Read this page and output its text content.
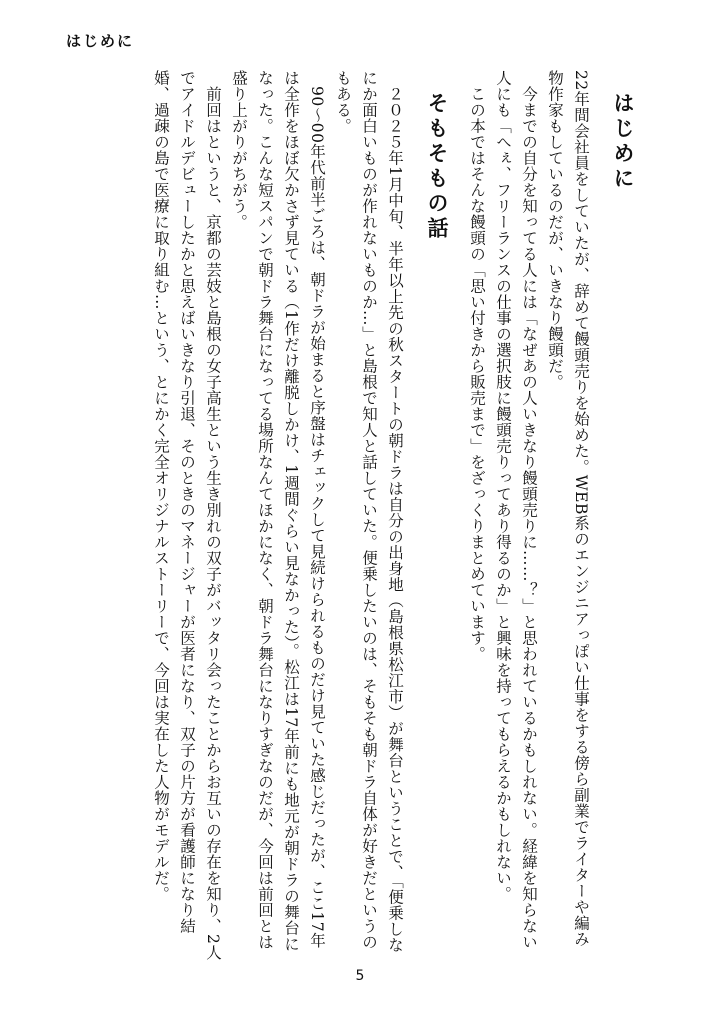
はじめに
はじめに

22年間会社員をしていたが、辞めて饅頭売りを始めた。WEB系のエンジニアっぽい仕事をする傍ら副業でライターや編み物作家もしているのだが、いきなり饅頭だ。

今までの自分を知ってる人には「なぜあの人いきなり饅頭売りに……？」と思われているかもしれない。経緯を知らない人にも「へぇ、フリーランスの仕事の選択肢に饅頭売りってあり得るのか」と興味を持ってもらえるかもしれない。

この本ではそんな饅頭の「思い付きから販売まで」をざっくりまとめています。

そもそもの話

２０２５年1月中旬、半年以上先の秋スタートの朝ドラは自分の出身地（島根県松江市）が舞台ということで、「便乗しなにか面白いものが作れないものか…」と島根で知人と話していた。便乗したいのは、そもそも朝ドラ自体が好きだというのもある。

90～00年代前半ごろは、朝ドラが始まると序盤はチェックして見続けられるものだけ見ていた感じだったが、ここ17年は全作をほぼ欠かさず見ている（1作だけ離脱しかけ、1週間ぐらい見なかった）。松江は17年前にも地元が朝ドラの舞台になった。こんな短スパンで朝ドラ舞台になってる場所なんてほかになく、朝ドラ舞台になりすぎなのだが、今回は前回とは盛り上がりがちがう。

前回はというと、京都の芸妓と島根の女子高生という生き別れの双子がバッタリ会ったことからお互いの存在を知り、2人でアイドルデビューしたかと思えばいきなり引退、そのときのマネージャーが医者になり、双子の片方が看護師になり結婚、過疎の島で医療に取り組む…という、とにかく完全オリジナルストーリーで、今回は実在した人物がモデルだ。

5
